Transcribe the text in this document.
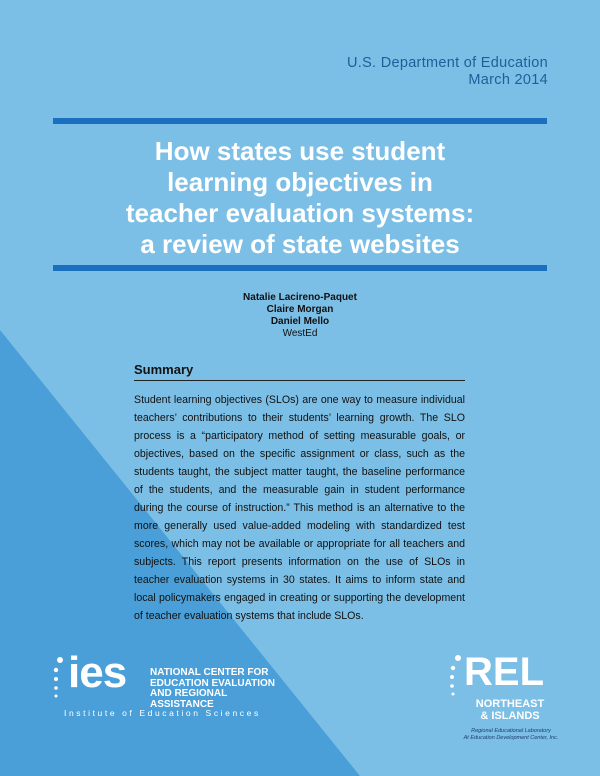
U.S. Department of Education
March 2014
How states use student
learning objectives in
teacher evaluation systems:
a review of state websites
Natalie Lacireno-Paquet
Claire Morgan
Daniel Mello
WestEd
Summary

Student learning objectives (SLOs) are one way to measure individual teachers’ contributions to their students’ learning growth. The SLO process is a “participatory method of setting measurable goals, or objectives, based on the specific assignment or class, such as the students taught, the subject matter taught, the baseline performance of the students, and the measurable gain in student performance during the course of instruction.” This method is an alternative to the more generally used value-added modeling with standardized test scores, which may not be available or appropriate for all teachers and subjects. This report presents information on the use of SLOs in teacher evaluation systems in 30 states. It aims to inform state and local policymakers engaged in creating or supporting the development of teacher evaluation systems that include SLOs.

ies NATIONAL CENTER FOR
EDUCATION EVALUATION
AND REGIONAL ASSISTANCE
Institute of Education Sciences
REL
NORTHEAST
& ISLANDS
Regional Educational Laboratory
At Education Development Center, Inc.
